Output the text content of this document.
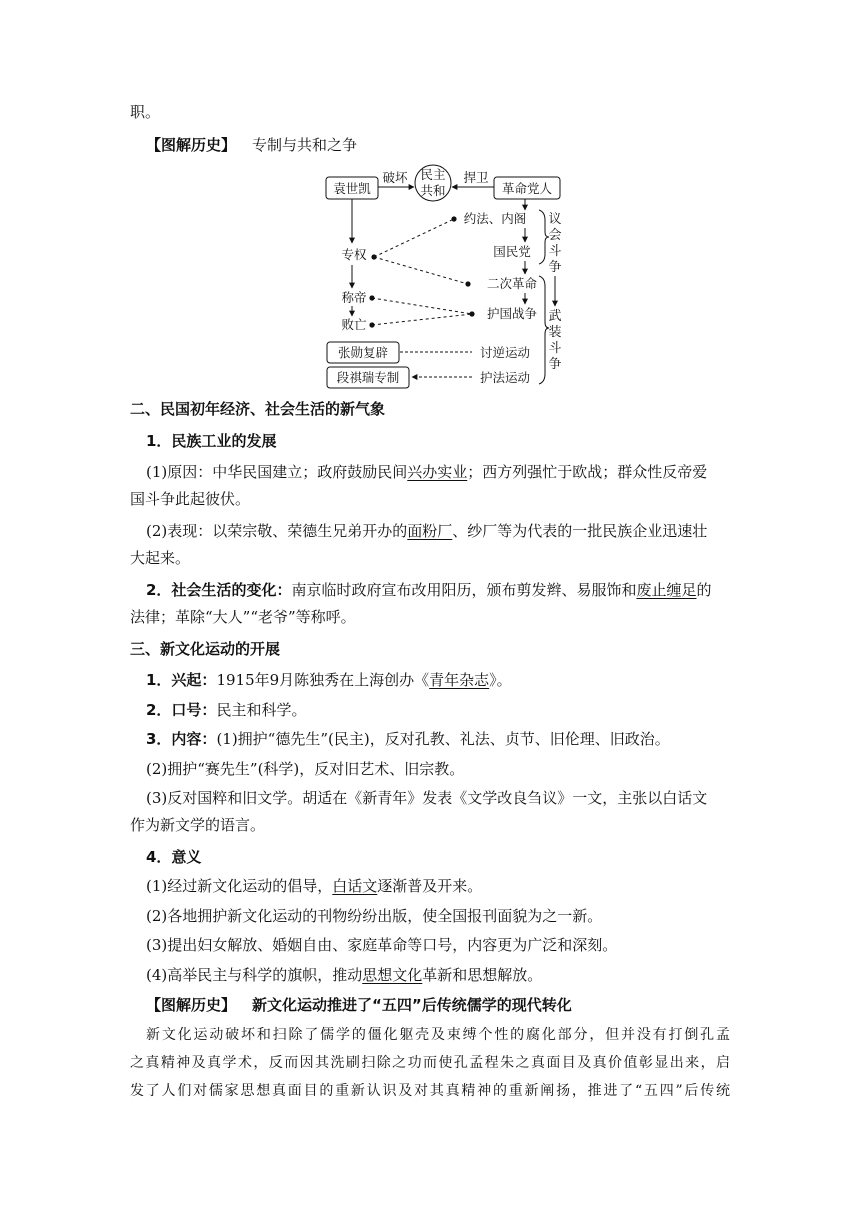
职。
【图解历史】 专制与共和之争
袁世凯
民主
共和	革命党人
破坏	捍卫
专权
称帝
败亡
约法、内阁
国民党
二次革命
护国战争
张勋复辟	讨逆运动
段祺瑞专制	护法运动
议
会
斗
争
武
装
斗
争
二、民国初年经济、社会生活的新气象
1．民族工业的发展
(1)原因：中华民国建立；政府鼓励民间兴办实业；西方列强忙于欧战；群众性反帝爱
国斗争此起彼伏。
(2)表现：以荣宗敬、荣德生兄弟开办的面粉厂、纱厂等为代表的一批民族企业迅速壮
大起来。
2．社会生活的变化：南京临时政府宣布改用阳历，颁布剪发辫、易服饰和废止缠足的
法律；革除“大人”“老爷”等称呼。
三、新文化运动的开展
1．兴起：1915年9月陈独秀在上海创办《青年杂志》。
2．口号：民主和科学。
3．内容：(1)拥护“德先生”(民主)，反对孔教、礼法、贞节、旧伦理、旧政治。
(2)拥护“赛先生”(科学)，反对旧艺术、旧宗教。
(3)反对国粹和旧文学。胡适在《新青年》发表《文学改良刍议》一文，主张以白话文
作为新文学的语言。
4．意义
(1)经过新文化运动的倡导，白话文逐渐普及开来。
(2)各地拥护新文化运动的刊物纷纷出版，使全国报刊面貌为之一新。
(3)提出妇女解放、婚姻自由、家庭革命等口号，内容更为广泛和深刻。
(4)高举民主与科学的旗帜，推动思想文化革新和思想解放。
【图解历史】 新文化运动推进了“五四”后传统儒学的现代转化
新文化运动破坏和扫除了儒学的僵化躯壳及束缚个性的腐化部分，但并没有打倒孔孟
之真精神及真学术，反而因其洗刷扫除之功而使孔孟程朱之真面目及真价值彰显出来，启
发了人们对儒家思想真面目的重新认识及对其真精神的重新阐扬，推进了“五四”后传统
